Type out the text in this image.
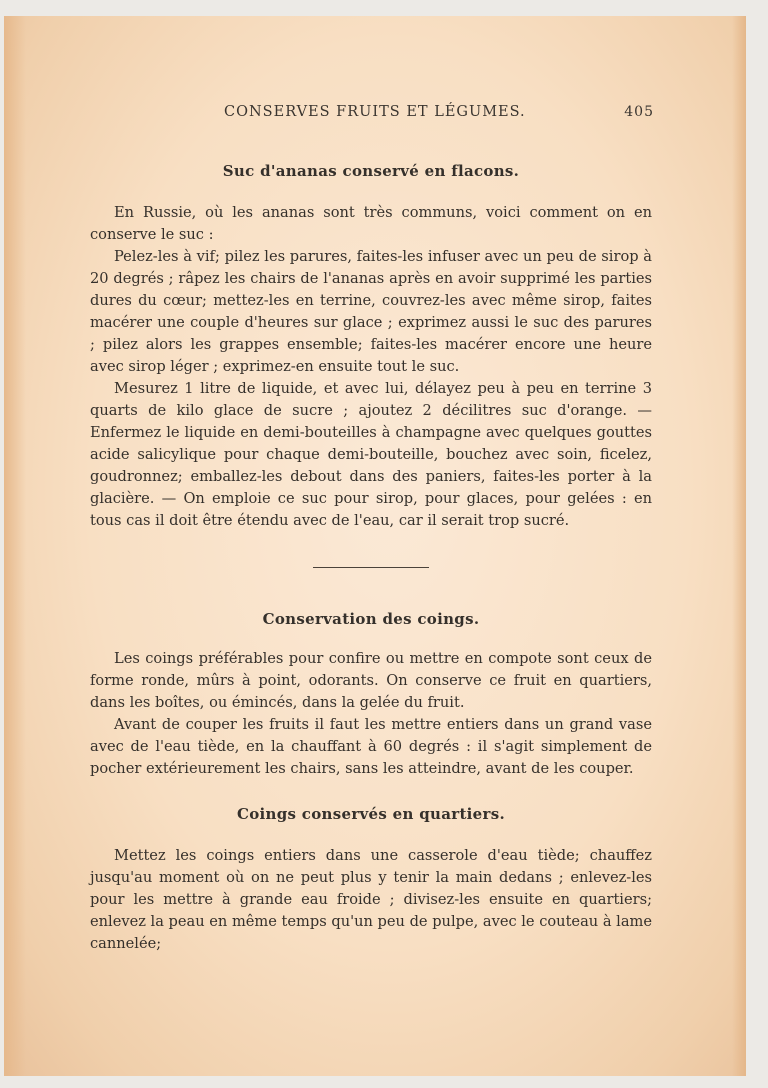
CONSERVES FRUITS ET LÉGUMES.	405
Suc d'ananas conservé en flacons.

En Russie, où les ananas sont très communs, voici comment on en conserve le suc :

Pelez-les à vif; pilez les parures, faites-les infuser avec un peu de sirop à 20 degrés ; râpez les chairs de l'ananas après en avoir supprimé les parties dures du cœur; mettez-les en terrine, couvrez-les avec même sirop, faites macérer une couple d'heures sur glace ; exprimez aussi le suc des parures ; pilez alors les grappes ensemble; faites-les macérer encore une heure avec sirop léger ; exprimez-en ensuite tout le suc.

Mesurez 1 litre de liquide, et avec lui, délayez peu à peu en terrine 3 quarts de kilo glace de sucre ; ajoutez 2 décilitres suc d'orange. — Enfermez le liquide en demi-bouteilles à champagne avec quelques gouttes acide salicylique pour chaque demi-bouteille, bouchez avec soin, ficelez, goudronnez; emballez-les debout dans des paniers, faites-les porter à la glacière. — On emploie ce suc pour sirop, pour glaces, pour gelées : en tous cas il doit être étendu avec de l'eau, car il serait trop sucré.

Conservation des coings.

Les coings préférables pour confire ou mettre en compote sont ceux de forme ronde, mûrs à point, odorants. On conserve ce fruit en quartiers, dans les boîtes, ou émincés, dans la gelée du fruit.

Avant de couper les fruits il faut les mettre entiers dans un grand vase avec de l'eau tiède, en la chauffant à 60 degrés : il s'agit simplement de pocher extérieurement les chairs, sans les atteindre, avant de les couper.

Coings conservés en quartiers.

Mettez les coings entiers dans une casserole d'eau tiède; chauffez jusqu'au moment où on ne peut plus y tenir la main dedans ; enlevez-les pour les mettre à grande eau froide ; divisez-les ensuite en quartiers; enlevez la peau en même temps qu'un peu de pulpe, avec le couteau à lame cannelée;
